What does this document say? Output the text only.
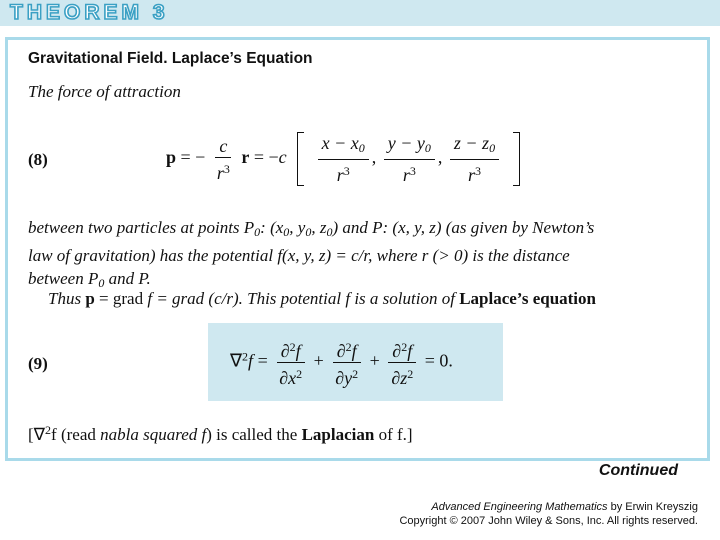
THEOREM 3
Gravitational Field. Laplace’s Equation
The force of attraction
(8)	p = − $\frac{c}{r^3}$ $r = -c \frac{x - x_0}{r^3}$ , $\frac{y - y_0}{r^3}$ , $\frac{z - z_0}{r^3}$

between two particles at points $P_0$: ($x_0$, $y_0$, $z_0$) and P: (x, y, z) (as given by Newton’s
law of gravitation) has the potential f(x, y, z) = c/r, where r (> 0) is the distance
between $P_0$ and P.
Thus p = grad f = grad (c/r). This potential f is a solution of Laplace’s equation
(9)	$\nabla^2f = \frac{\partial^2f}{\partial x^2} + \frac{\partial^2f}{\partial y^2} + \frac{\partial^2f}{\partial z^2} = 0$.
[∇$^2$f (read nabla squared f) is called the Laplacian of f.]
Continued
Advanced Engineering Mathematics by Erwin Kreyszig
Copyright © 2007 John Wiley & Sons, Inc. All rights reserved.
